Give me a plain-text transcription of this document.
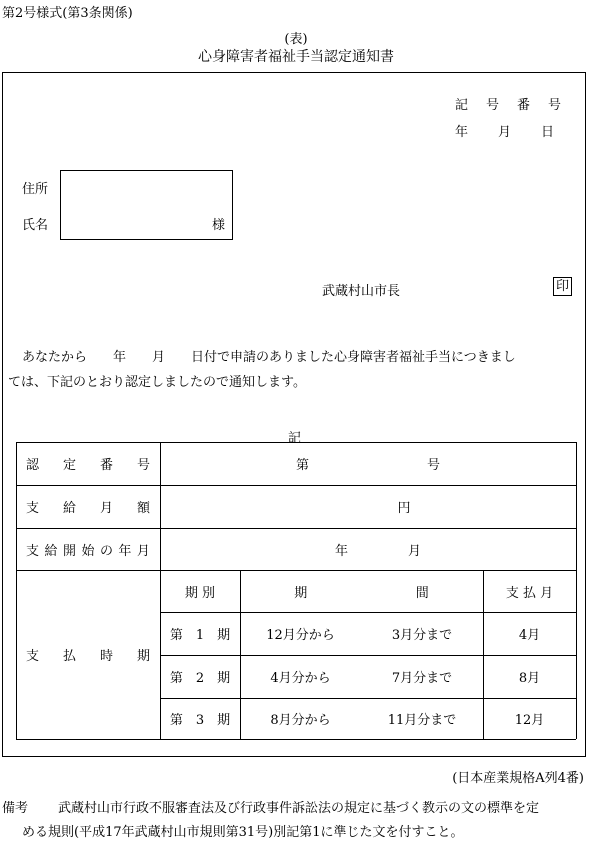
第2号様式(第3条関係)
(表)
心身障害者福祉手当認定通知書
記 号 番 号
年 月 日
住所
氏名	様
武蔵村山市長	印
あなたから　　年　　月　　日付で申請のありました心身障害者福祉手当につきまし
ては、下記のとおり認定しましたので通知します。
記
認 定 番 号	第	号
支 給 月 額	円
支 給 開 始 の 年 月	年	月
支 払 時 期
期 別	期	間	支 払 月
第　1　期	12月分から	3月分まで	4月
第　2　期	4月分から	7月分まで	8月
第　3　期	8月分から	11月分まで	12月
(日本産業規格A列4番)
備考 武蔵村山市行政不服審査法及び行政事件訴訟法の規定に基づく教示の文の標準を定
める規則(平成17年武蔵村山市規則第31号)別記第1に準じた文を付すこと。
